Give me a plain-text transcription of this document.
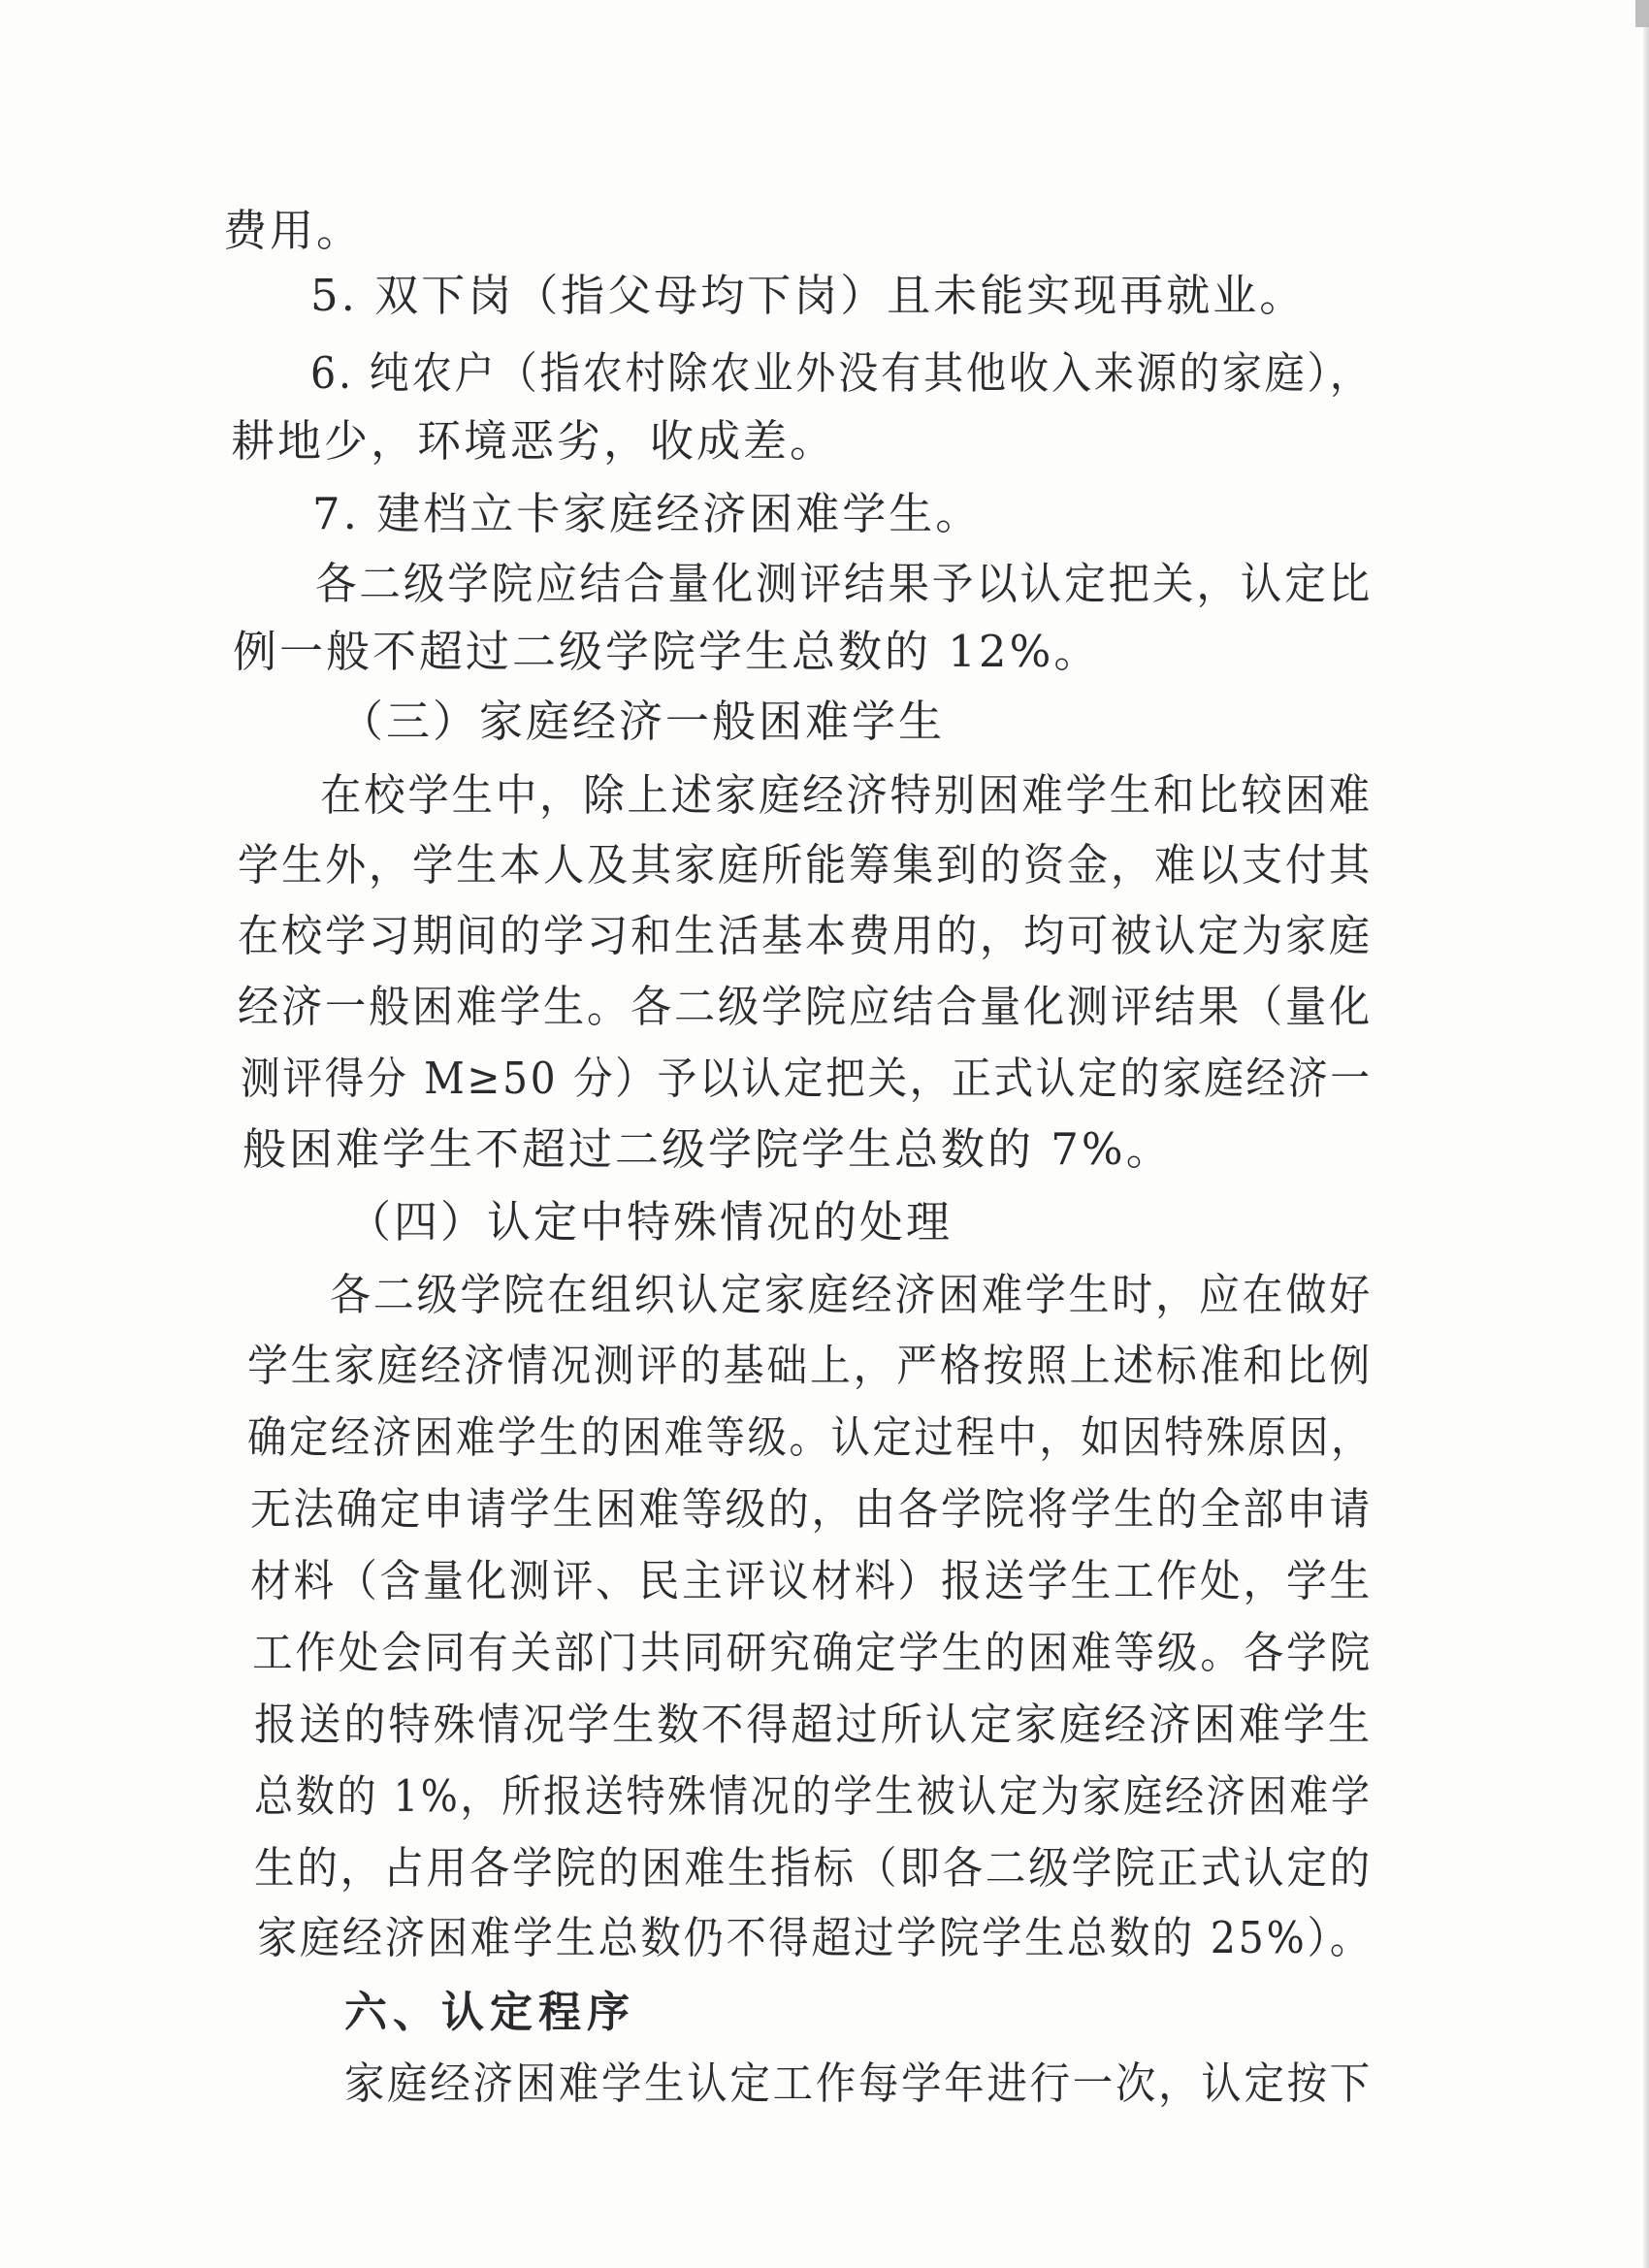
费用。

5. 双下岗（指父母均下岗）且未能实现再就业。

6. 纯农户（指农村除农业外没有其他收入来源的家庭），

耕地少，环境恶劣，收成差。

7. 建档立卡家庭经济困难学生。

各二级学院应结合量化测评结果予以认定把关，认定比

例一般不超过二级学院学生总数的 12%。

（三）家庭经济一般困难学生

在校学生中，除上述家庭经济特别困难学生和比较困难

学生外，学生本人及其家庭所能筹集到的资金，难以支付其

在校学习期间的学习和生活基本费用的，均可被认定为家庭

经济一般困难学生。各二级学院应结合量化测评结果（量化

测评得分 M≥50 分）予以认定把关，正式认定的家庭经济一

般困难学生不超过二级学院学生总数的 7%。

（四）认定中特殊情况的处理

各二级学院在组织认定家庭经济困难学生时，应在做好

学生家庭经济情况测评的基础上，严格按照上述标准和比例

确定经济困难学生的困难等级。认定过程中，如因特殊原因，

无法确定申请学生困难等级的，由各学院将学生的全部申请

材料（含量化测评、民主评议材料）报送学生工作处，学生

工作处会同有关部门共同研究确定学生的困难等级。各学院

报送的特殊情况学生数不得超过所认定家庭经济困难学生

总数的 1%，所报送特殊情况的学生被认定为家庭经济困难学

生的，占用各学院的困难生指标（即各二级学院正式认定的

家庭经济困难学生总数仍不得超过学院学生总数的 25%）。

六、认定程序

家庭经济困难学生认定工作每学年进行一次，认定按下
